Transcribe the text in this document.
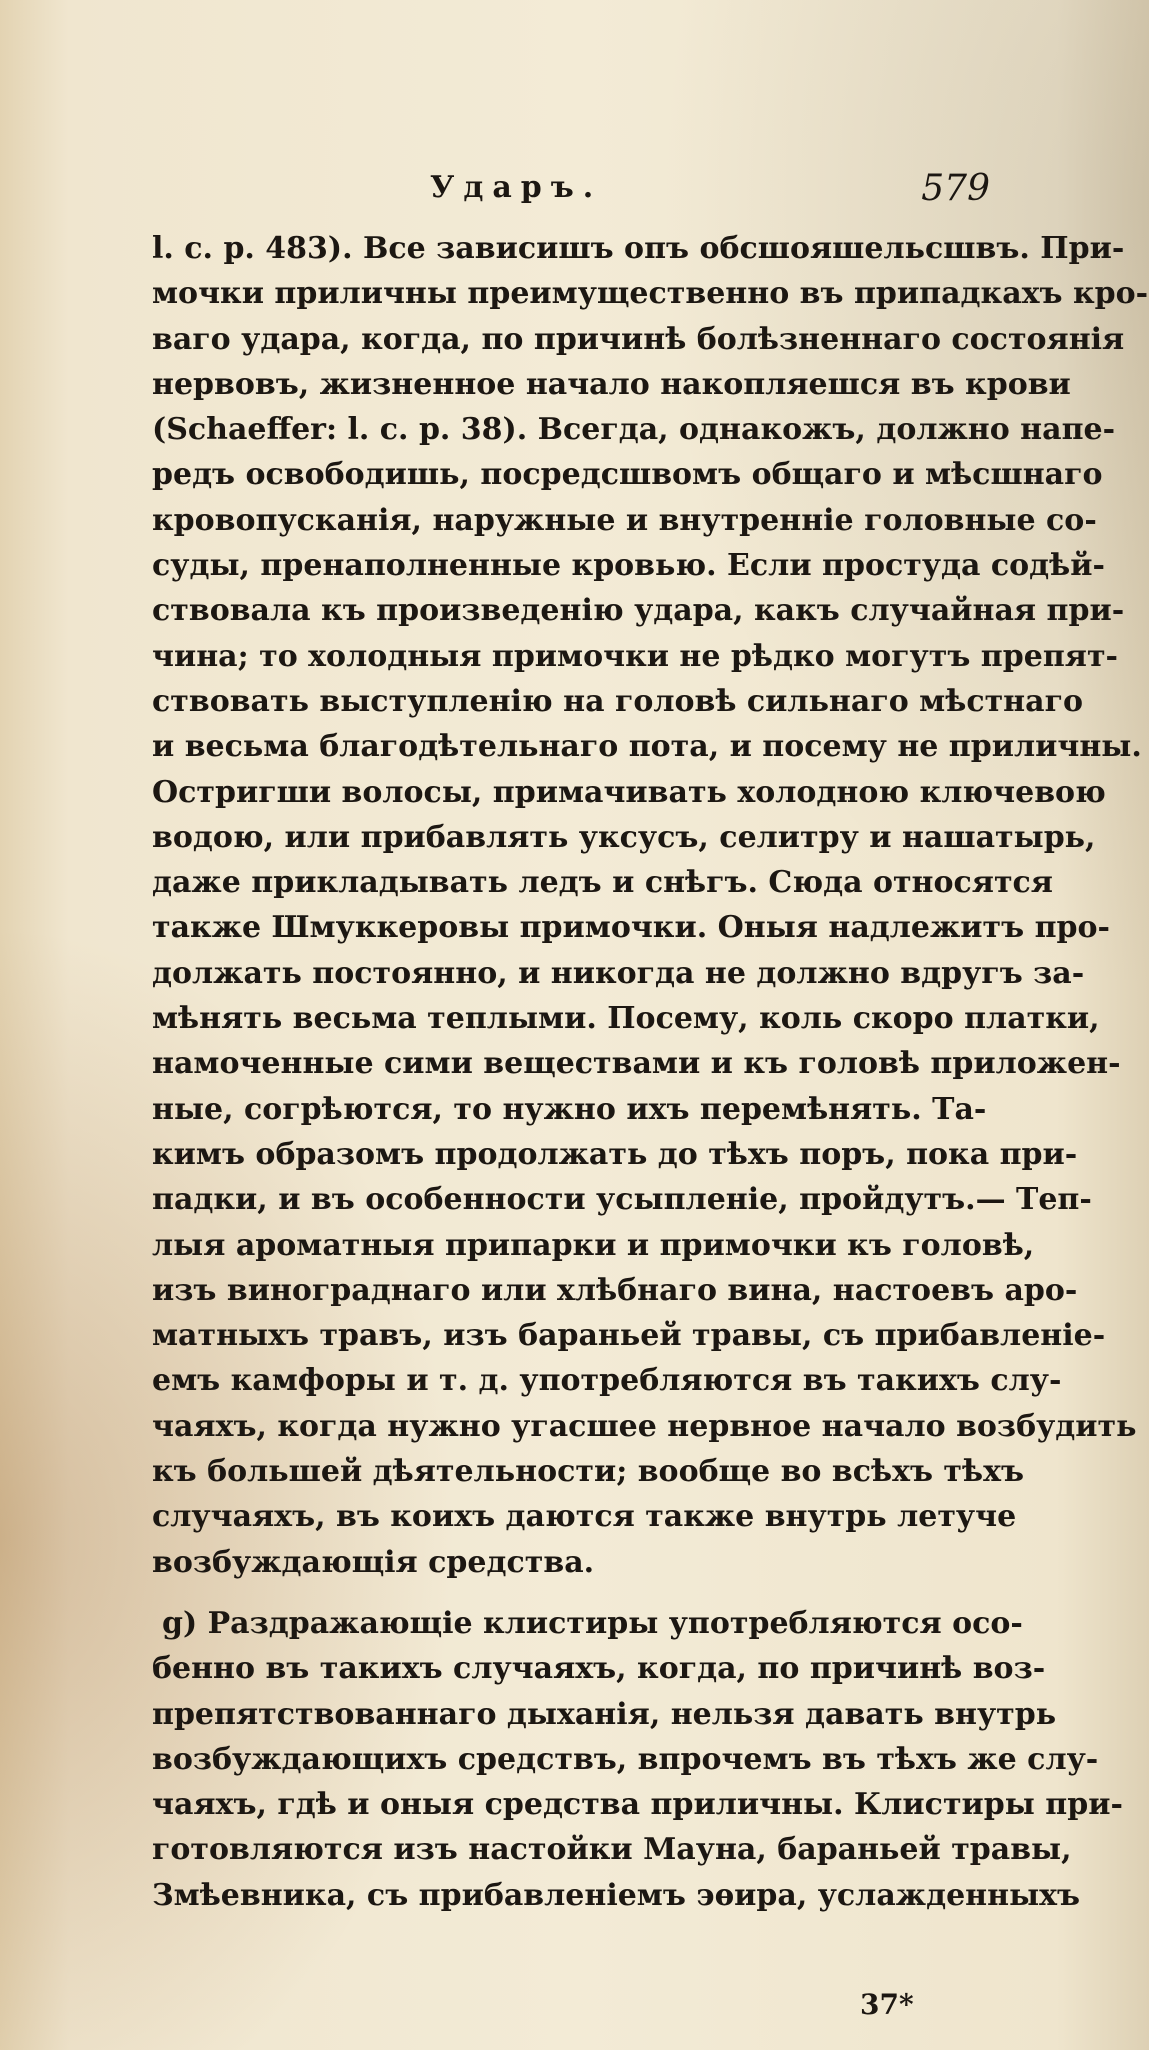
Ударъ.	579
l. c. p. 483). Все зависишъ опъ обсшояшельсшвъ. При-
мочки приличны преимущественно въ припадкахъ кро-
ваго удара, когда, по причинѣ болѣзненнаго состоянія
нервовъ, жизненное начало накопляешся въ крови
(Schaeffer: l. c. p. 38). Всегда, однакожъ, должно напе-
редъ освободишь, посредсшвомъ общаго и мѣсшнаго
кровопусканія, наружные и внутренніе головные со-
суды, пренаполненные кровью. Если простуда содѣй-
ствовала къ произведенію удара, какъ случайная при-
чина; то холодныя примочки не рѣдко могутъ препят-
ствовать выступленію на головѣ сильнаго мѣстнаго
и весьма благодѣтельнаго пота, и посему не приличны.
Остригши волосы, примачивать холодною ключевою
водою, или прибавлять уксусъ, селитру и нашатырь,
даже прикладывать ледъ и снѣгъ. Сюда относятся
также Шмуккеровы примочки. Оныя надлежитъ про-
должать постоянно, и никогда не должно вдругъ за-
мѣнять весьма теплыми. Посему, коль скоро платки,
намоченные сими веществами и къ головѣ приложен-
ные, согрѣются, то нужно ихъ перемѣнять. Та-
кимъ образомъ продолжать до тѣхъ поръ, пока при-
падки, и въ особенности усыпленіе, пройдутъ.— Теп-
лыя ароматныя припарки и примочки къ головѣ,
изъ винограднаго или хлѣбнаго вина, настоевъ аро-
матныхъ травъ, изъ бараньей травы, съ прибавленіе-
емъ камфоры и т. д. употребляются въ такихъ слу-
чаяхъ, когда нужно угасшее нервное начало возбудить
къ большей дѣятельности; вообще во всѣхъ тѣхъ
случаяхъ, въ коихъ даются также внутрь летуче
возбуждающія средства.
g) Раздражающіе клистиры употребляются осо-
бенно въ такихъ случаяхъ, когда, по причинѣ воз-
препятствованнаго дыханія, нельзя давать внутрь
возбуждающихъ средствъ, впрочемъ въ тѣхъ же слу-
чаяхъ, гдѣ и оныя средства приличны. Клистиры при-
готовляются изъ настойки Мауна, бараньей травы,
Змѣевника, съ прибавленіемъ эѳира, услажденныхъ
37*
